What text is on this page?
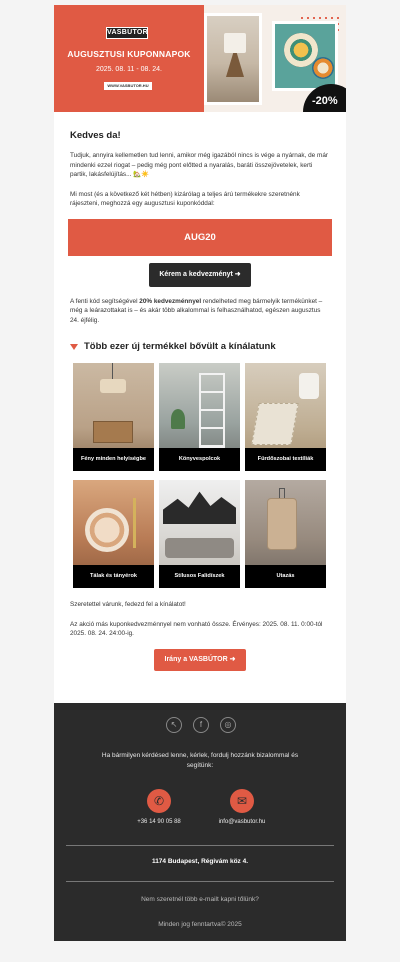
VASBÚTOR
AUGUSZTUSI KUPONNAPOK
2025. 08. 11 - 08. 24.
WWW.VASBUTOR.HU
-20%
Kedves da!

Tudjuk, annyira kellemetlen tud lenni, amikor még igazából nincs is vége a nyárnak, de már mindenki ezzel riogat – pedig még pont előtted a nyaralás, baráti összejövetelek, kerti partik, lakásfelújítás... 🏡☀️

Mi most (és a következő két hétben) kizárólag a teljes árú termékekre szeretnénk rájeszteni, meghozzá egy augusztusi kuponkóddal:

AUG20
Kérem a kedvezményt ➜

A fenti kód segítségével 20% kedvezménnyel rendelheted meg bármelyik termékünket – még a leárazottakat is – és akár több alkalommal is felhasználhatod, egészen augusztus 24. éjfélig.

Több ezer új termékkel bővült a kínálatunk
Fény minden helyiségbe	Könyvespolcok	Fürdőszobai textíliák
Tálak és tányérok	Stílusos Falidíszek	Utazás

Szeretettel várunk, fedezd fel a kínálatot!

Az akció más kuponkedvezménnyel nem vonható össze. Érvényes: 2025. 08. 11. 0:00-tól 2025. 08. 24. 24:00-ig.

Irány a VASBÚTOR ➜
↖	f	◎
Ha bármilyen kérdésed lenne, kérlek, fordulj hozzánk bizalommal és segítünk:
✆
+36 14 90 05 88
✉
info@vasbutor.hu
1174 Budapest, Régivám köz 4.
Nem szeretnél több e-mailt kapni tőlünk?
Minden jog fenntartva© 2025
